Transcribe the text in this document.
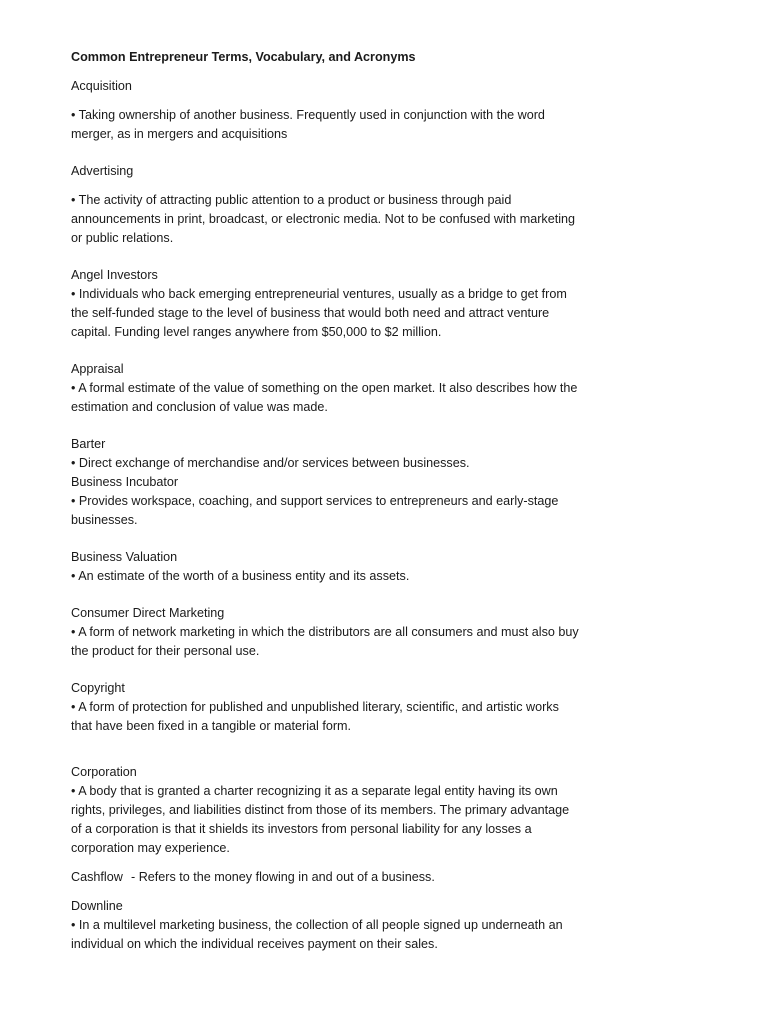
Common Entrepreneur Terms, Vocabulary, and Acronyms

Acquisition

• Taking ownership of another business. Frequently used in conjunction with the word merger, as in mergers and acquisitions

Advertising

• The activity of attracting public attention to a product or business through paid announcements in print, broadcast, or electronic media. Not to be confused with marketing or public relations.

Angel Investors

• Individuals who back emerging entrepreneurial ventures, usually as a bridge to get from the self-funded stage to the level of business that would both need and attract venture capital. Funding level ranges anywhere from $50,000 to $2 million.

Appraisal

• A formal estimate of the value of something on the open market. It also describes how the estimation and conclusion of value was made.

Barter

• Direct exchange of merchandise and/or services between businesses.

Business Incubator

• Provides workspace, coaching, and support services to entrepreneurs and early-stage businesses.

Business Valuation

• An estimate of the worth of a business entity and its assets.

Consumer Direct Marketing

• A form of network marketing in which the distributors are all consumers and must also buy the product for their personal use.

Copyright

• A form of protection for published and unpublished literary, scientific, and artistic works that have been fixed in a tangible or material form.

Corporation

• A body that is granted a charter recognizing it as a separate legal entity having its own rights, privileges, and liabilities distinct from those of its members. The primary advantage of a corporation is that it shields its investors from personal liability for any losses a corporation may experience.

Cashflow - Refers to the money flowing in and out of a business.

Downline

• In a multilevel marketing business, the collection of all people signed up underneath an individual on which the individual receives payment on their sales.
